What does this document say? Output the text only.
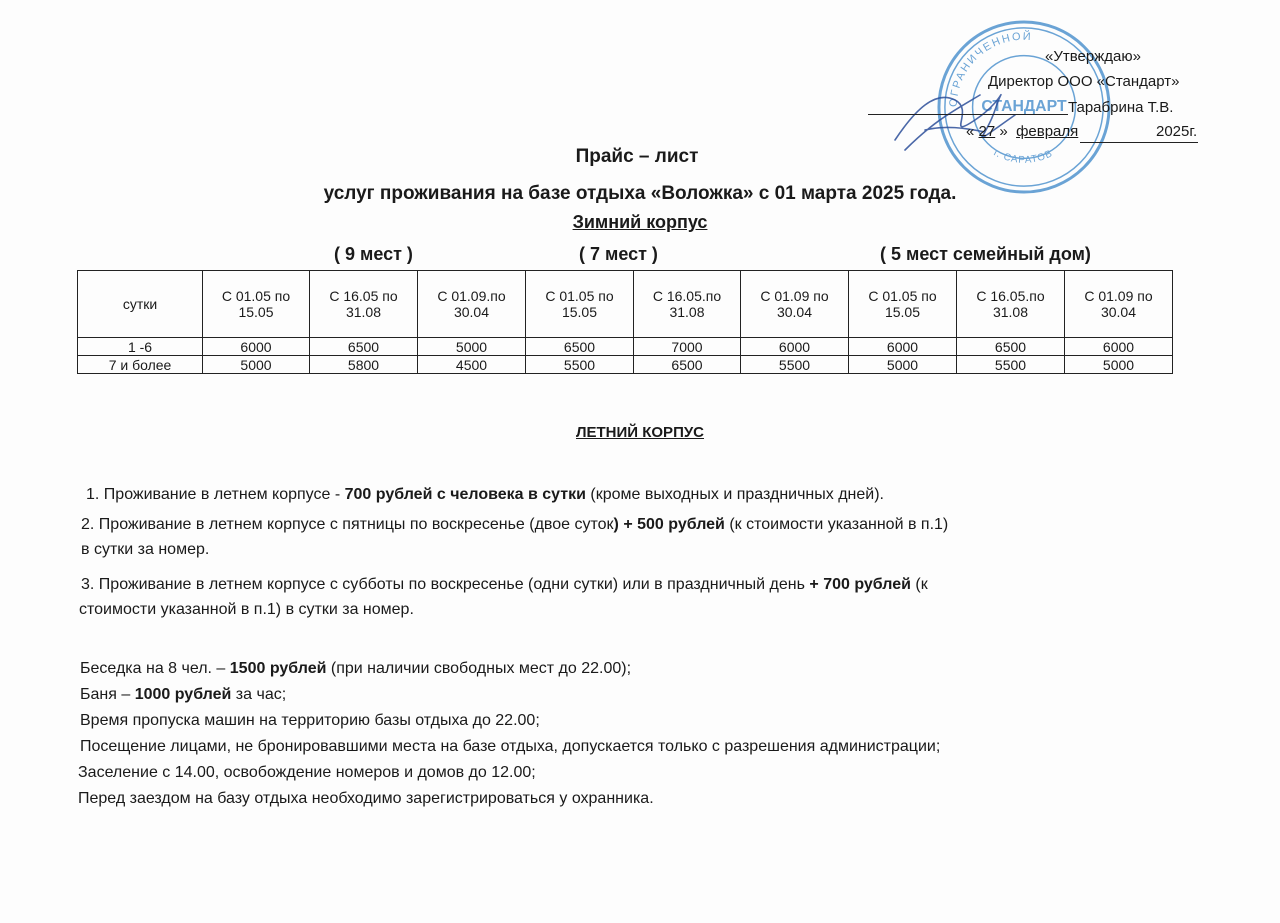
ОГРАНИЧЕННОЙ
СТАНДАРТ
г. САРАТОВ
«Утверждаю»
Директор ООО «Стандарт»
Тарабрина Т.В.
« 27 » февраля	2025г.
Прайс – лист
услуг проживания на базе отдыха «Воложка» с 01 марта 2025 года.
Зимний корпус
( 9 мест )	( 7 мест )	( 5 мест семейный дом)
сутки	С 01.05 по 15.05	С 16.05 по 31.08	С 01.09.по 30.04	С 01.05 по 15.05	С 16.05.по 31.08	С 01.09 по 30.04	С 01.05 по 15.05	С 16.05.по 31.08	С 01.09 по 30.04
1 -6	6000	6500	5000	6500	7000	6000	6000	6500	6000
7 и более	5000	5800	4500	5500	6500	5500	5000	5500	5000
ЛЕТНИЙ КОРПУС
1. Проживание в летнем корпусе - 700 рублей с человека в сутки (кроме выходных и праздничных дней).
2. Проживание в летнем корпусе с пятницы по воскресенье (двое суток) + 500 рублей (к стоимости указанной в п.1)
в сутки за номер.
3. Проживание в летнем корпусе с субботы по воскресенье (одни сутки) или в праздничный день + 700 рублей (к
стоимости указанной в п.1) в сутки за номер.
Беседка на 8 чел. – 1500 рублей (при наличии свободных мест до 22.00);
Баня – 1000 рублей за час;
Время пропуска машин на территорию базы отдыха до 22.00;
Посещение лицами, не бронировавшими места на базе отдыха, допускается только с разрешения администрации;
Заселение с 14.00, освобождение номеров и домов до 12.00;
Перед заездом на базу отдыха необходимо зарегистрироваться у охранника.
